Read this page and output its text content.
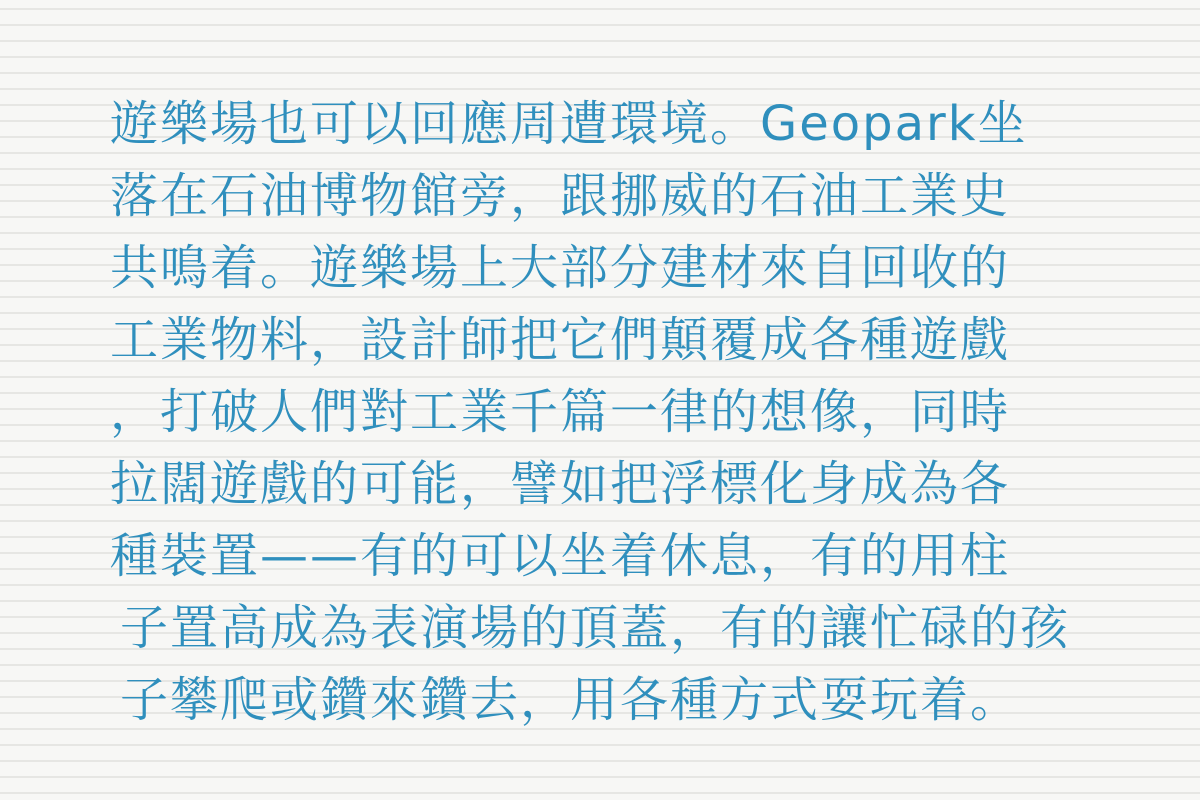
遊樂場也可以回應周遭環境。Geopark坐
落在石油博物館旁，跟挪威的石油工業史
共鳴着。遊樂場上大部分建材來自回收的
工業物料，設計師把它們顛覆成各種遊戲
，打破人們對工業千篇一律的想像，同時
拉闊遊戲的可能，譬如把浮標化身成為各
種裝置——有的可以坐着休息，有的用柱
子置高成為表演場的頂蓋，有的讓忙碌的孩
子攀爬或鑽來鑽去，用各種方式耍玩着。
